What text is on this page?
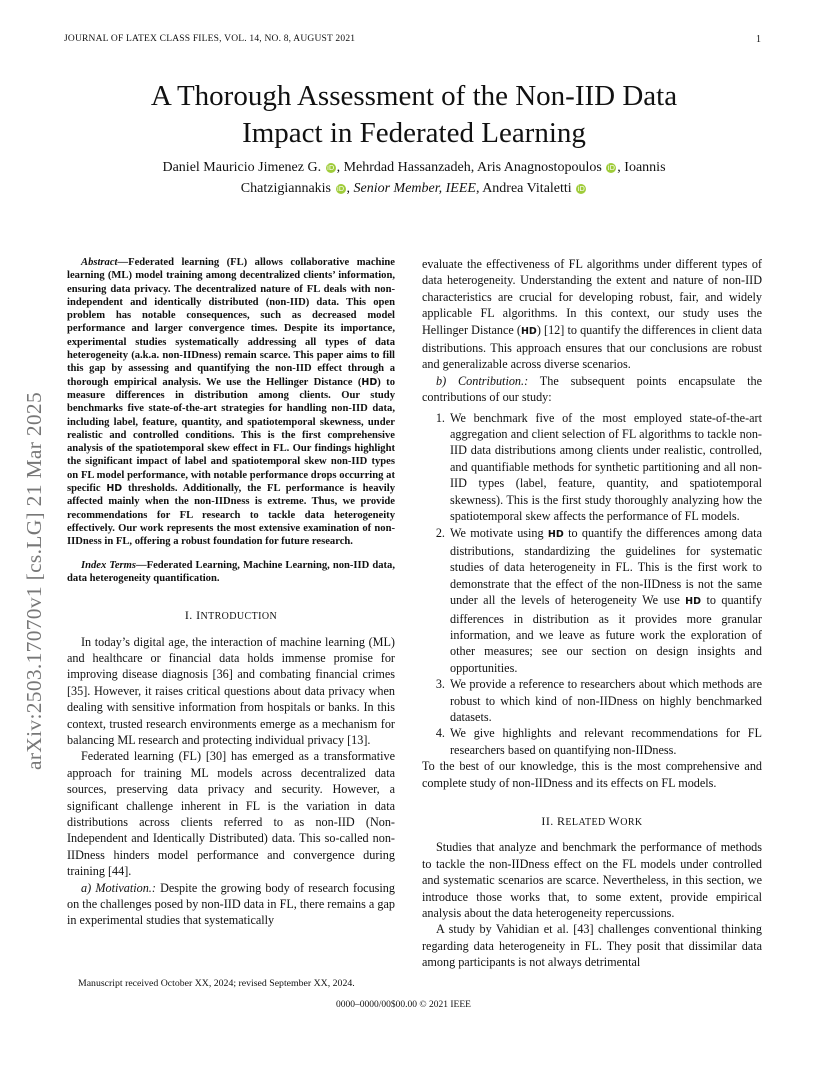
JOURNAL OF LATEX CLASS FILES, VOL. 14, NO. 8, AUGUST 2021	1
A Thorough Assessment of the Non-IID Data
Impact in Federated Learning
Daniel Mauricio Jimenez G. iD , Mehrdad Hassanzadeh, Aris Anagnostopoulos iD , Ioannis
Chatzigiannakis iD , Senior Member, IEEE, Andrea Vitaletti iD
arXiv:2503.17070v1 [cs.LG] 21 Mar 2025

Abstract—Federated learning (FL) allows collaborative machine learning (ML) model training among decentralized clients’ information, ensuring data privacy. The decentralized nature of FL deals with non-independent and identically distributed (non-IID) data. This open problem has notable consequences, such as decreased model performance and larger convergence times. Despite its importance, experimental studies systematically addressing all types of data heterogeneity (a.k.a. non-IIDness) remain scarce. This paper aims to fill this gap by assessing and quantifying the non-IID effect through a thorough empirical analysis. We use the Hellinger Distance (HD) to measure differences in distribution among clients. Our study benchmarks five state-of-the-art strategies for handling non-IID data, including label, feature, quantity, and spatiotemporal skewness, under realistic and controlled conditions. This is the first comprehensive analysis of the spatiotemporal skew effect in FL. Our findings highlight the significant impact of label and spatiotemporal skew non-IID types on FL model performance, with notable performance drops occurring at specific HD thresholds. Additionally, the FL performance is heavily affected mainly when the non-IIDness is extreme. Thus, we provide recommendations for FL research to tackle data heterogeneity effectively. Our work represents the most extensive examination of non-IIDness in FL, offering a robust foundation for future research.

Index Terms—Federated Learning, Machine Learning, non-IID data, data heterogeneity quantification.

I. INTRODUCTION

In today’s digital age, the interaction of machine learning (ML) and healthcare or financial data holds immense promise for improving disease diagnosis [36] and combating financial crimes [35]. However, it raises critical questions about data privacy when dealing with sensitive information from hospitals or banks. In this context, trusted research environments emerge as a mechanism for balancing ML research and protecting individual privacy [13].

Federated learning (FL) [30] has emerged as a transformative approach for training ML models across decentralized data sources, preserving data privacy and security. However, a significant challenge inherent in FL is the variation in data distributions across clients referred to as non-IID (Non-Independent and Identically Distributed) data. This so-called non-IIDness hinders model performance and convergence during training [44].

a) Motivation.: Despite the growing body of research focusing on the challenges posed by non-IID data in FL, there remains a gap in experimental studies that systematically

evaluate the effectiveness of FL algorithms under different types of data heterogeneity. Understanding the extent and nature of non-IID characteristics are crucial for developing robust, fair, and widely applicable FL algorithms. In this context, our study uses the Hellinger Distance (HD) [12] to quantify the differences in client data distributions. This approach ensures that our conclusions are robust and generalizable across diverse scenarios.

b) Contribution.: The subsequent points encapsulate the contributions of our study:

1. We benchmark five of the most employed state-of-the-art aggregation and client selection of FL algorithms to tackle non-IID data distributions among clients under realistic, controlled, and quantifiable methods for synthetic partitioning and all non-IID types (label, feature, quantity, and spatiotemporal skewness). This is the first study thoroughly analyzing how the spatiotemporal skew affects the performance of FL models.
2. We motivate using HD to quantify the differences among data distributions, standardizing the guidelines for systematic studies of data heterogeneity in FL. This is the first work to demonstrate that the effect of the non-IIDness is not the same under all the levels of heterogeneity We use HD to quantify differences in distribution as it provides more granular information, and we leave as future work the exploration of other measures; see our section on design insights and opportunities.
3. We provide a reference to researchers about which methods are robust to which kind of non-IIDness on highly benchmarked datasets.
4. We give highlights and relevant recommendations for FL researchers based on quantifying non-IIDness.

To the best of our knowledge, this is the most comprehensive and complete study of non-IIDness and its effects on FL models.

II. RELATED WORK

Studies that analyze and benchmark the performance of methods to tackle the non-IIDness effect on the FL models under controlled and systematic scenarios are scarce. Nevertheless, in this section, we introduce those works that, to some extent, provide empirical analysis about the data heterogeneity repercussions.

A study by Vahidian et al. [43] challenges conventional thinking regarding data heterogeneity in FL. They posit that dissimilar data among participants is not always detrimental

Manuscript received October XX, 2024; revised September XX, 2024.
0000–0000/00$00.00 © 2021 IEEE
